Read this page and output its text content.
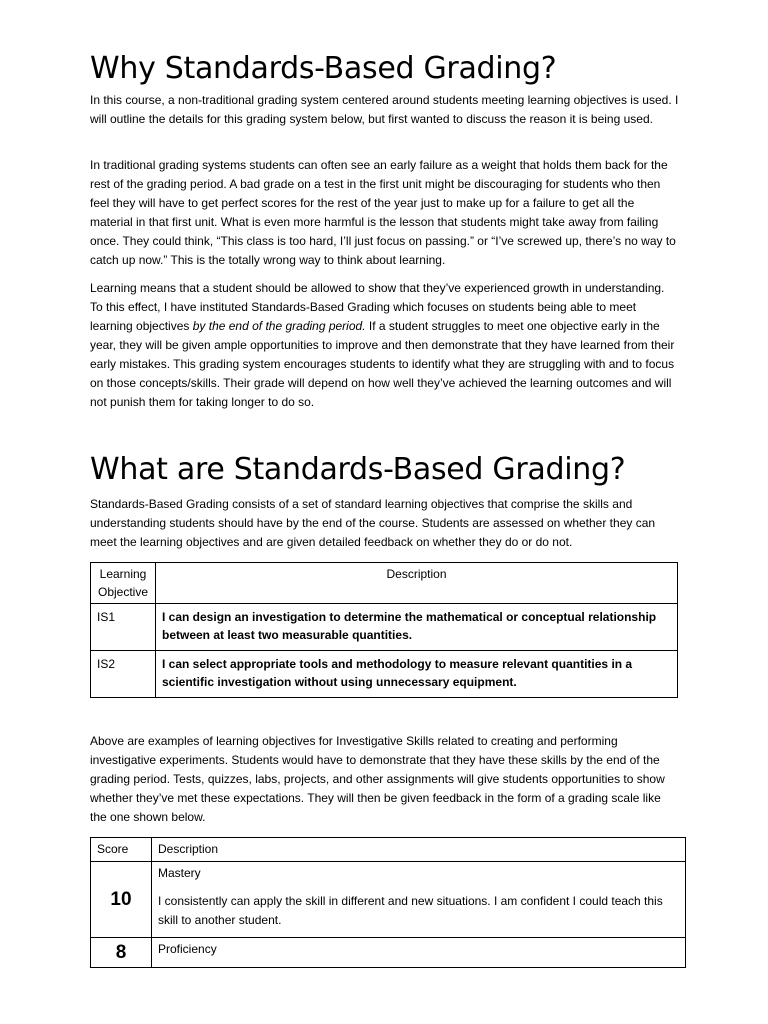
Why Standards-Based Grading?

In this course, a non-traditional grading system centered around students meeting learning objectives is used. I will outline the details for this grading system below, but first wanted to discuss the reason it is being used.

In traditional grading systems students can often see an early failure as a weight that holds them back for the rest of the grading period. A bad grade on a test in the first unit might be discouraging for students who then feel they will have to get perfect scores for the rest of the year just to make up for a failure to get all the material in that first unit. What is even more harmful is the lesson that students might take away from failing once. They could think, “This class is too hard, I’ll just focus on passing.” or “I’ve screwed up, there’s no way to catch up now.” This is the totally wrong way to think about learning.

Learning means that a student should be allowed to show that they’ve experienced growth in understanding. To this effect, I have instituted Standards-Based Grading which focuses on students being able to meet learning objectives by the end of the grading period. If a student struggles to meet one objective early in the year, they will be given ample opportunities to improve and then demonstrate that they have learned from their early mistakes. This grading system encourages students to identify what they are struggling with and to focus on those concepts/skills. Their grade will depend on how well they’ve achieved the learning outcomes and will not punish them for taking longer to do so.

What are Standards-Based Grading?

Standards-Based Grading consists of a set of standard learning objectives that comprise the skills and understanding students should have by the end of the course. Students are assessed on whether they can meet the learning objectives and are given detailed feedback on whether they do or do not.

Learning
Objective	Description
IS1	I can design an investigation to determine the mathematical or conceptual relationship between at least two measurable quantities.
IS2	I can select appropriate tools and methodology to measure relevant quantities in a scientific investigation without using unnecessary equipment.

Above are examples of learning objectives for Investigative Skills related to creating and performing investigative experiments. Students would have to demonstrate that they have these skills by the end of the grading period. Tests, quizzes, labs, projects, and other assignments will give students opportunities to show whether they’ve met these expectations. They will then be given feedback in the form of a grading scale like the one shown below.

Score	Description
10	Mastery
I consistently can apply the skill in different and new situations. I am confident I could teach this skill to another student.

8	Proficiency
